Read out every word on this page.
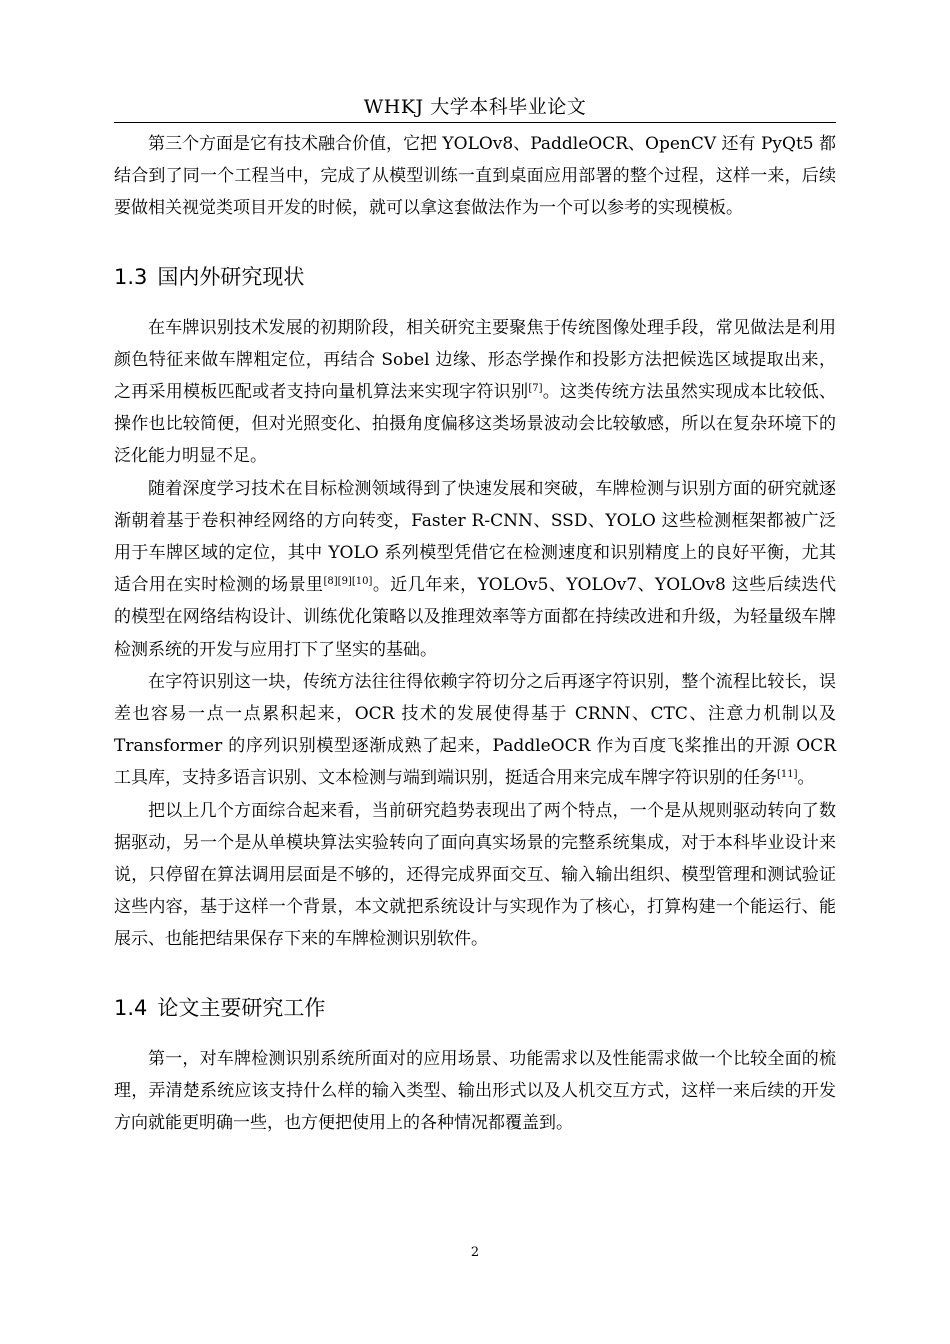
WHKJ 大学本科毕业论文

第三个方面是它有技术融合价值，它把 YOLOv8、PaddleOCR、OpenCV 还有 PyQt5 都结合到了同一个工程当中，完成了从模型训练一直到桌面应用部署的整个过程，这样一来，后续要做相关视觉类项目开发的时候，就可以拿这套做法作为一个可以参考的实现模板。

1.3 国内外研究现状

在车牌识别技术发展的初期阶段，相关研究主要聚焦于传统图像处理手段，常见做法是利用颜色特征来做车牌粗定位，再结合 Sobel 边缘、形态学操作和投影方法把候选区域提取出来，之再采用模板匹配或者支持向量机算法来实现字符识别[7]。这类传统方法虽然实现成本比较低、操作也比较简便，但对光照变化、拍摄角度偏移这类场景波动会比较敏感，所以在复杂环境下的泛化能力明显不足。

随着深度学习技术在目标检测领域得到了快速发展和突破，车牌检测与识别方面的研究就逐渐朝着基于卷积神经网络的方向转变，Faster R-CNN、SSD、YOLO 这些检测框架都被广泛用于车牌区域的定位，其中 YOLO 系列模型凭借它在检测速度和识别精度上的良好平衡，尤其适合用在实时检测的场景里[8][9][10]。近几年来，YOLOv5、YOLOv7、YOLOv8 这些后续迭代的模型在网络结构设计、训练优化策略以及推理效率等方面都在持续改进和升级，为轻量级车牌检测系统的开发与应用打下了坚实的基础。

在字符识别这一块，传统方法往往得依赖字符切分之后再逐字符识别，整个流程比较长，误差也容易一点一点累积起来，OCR 技术的发展使得基于 CRNN、CTC、注意力机制以及 Transformer 的序列识别模型逐渐成熟了起来，PaddleOCR 作为百度飞桨推出的开源 OCR 工具库，支持多语言识别、文本检测与端到端识别，挺适合用来完成车牌字符识别的任务[11]。

把以上几个方面综合起来看，当前研究趋势表现出了两个特点，一个是从规则驱动转向了数据驱动，另一个是从单模块算法实验转向了面向真实场景的完整系统集成，对于本科毕业设计来说，只停留在算法调用层面是不够的，还得完成界面交互、输入输出组织、模型管理和测试验证这些内容，基于这样一个背景，本文就把系统设计与实现作为了核心，打算构建一个能运行、能展示、也能把结果保存下来的车牌检测识别软件。

1.4 论文主要研究工作

第一，对车牌检测识别系统所面对的应用场景、功能需求以及性能需求做一个比较全面的梳理，弄清楚系统应该支持什么样的输入类型、输出形式以及人机交互方式，这样一来后续的开发方向就能更明确一些，也方便把使用上的各种情况都覆盖到。

2
